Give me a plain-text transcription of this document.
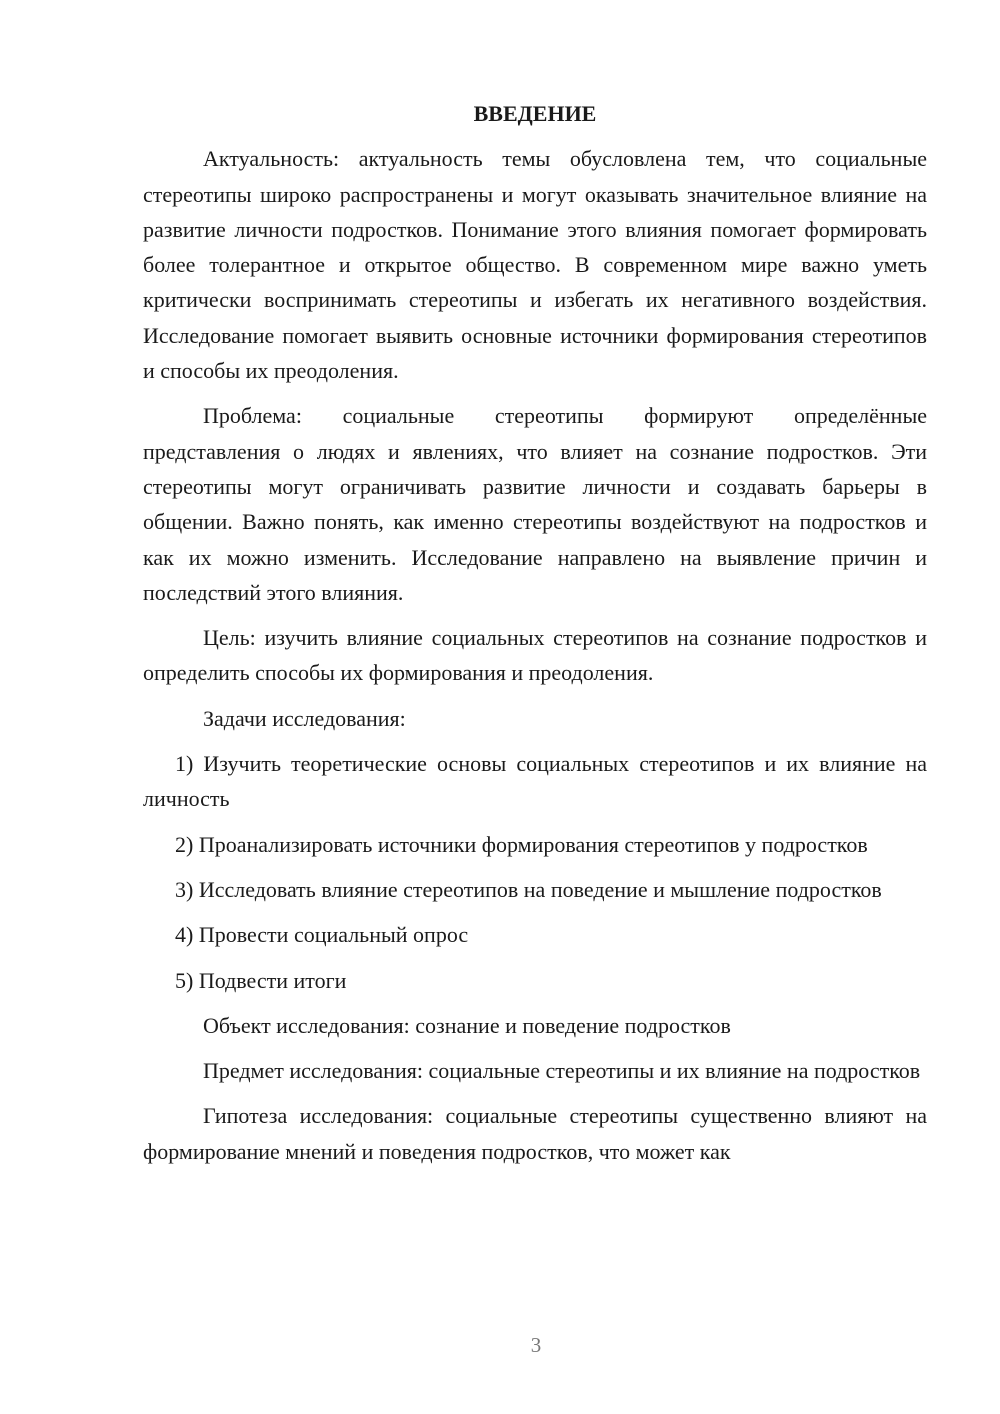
ВВЕДЕНИЕ

Актуальность: актуальность темы обусловлена тем, что социальные стереотипы широко распространены и могут оказывать значительное влияние на развитие личности подростков. Понимание этого влияния помогает формировать более толерантное и открытое общество. В современном мире важно уметь критически воспринимать стереотипы и избегать их негативного воздействия. Исследование помогает выявить основные источники формирования стереотипов и способы их преодоления.

Проблема: социальные стереотипы формируют определённые представления о людях и явлениях, что влияет на сознание подростков. Эти стереотипы могут ограничивать развитие личности и создавать барьеры в общении. Важно понять, как именно стереотипы воздействуют на подростков и как их можно изменить. Исследование направлено на выявление причин и последствий этого влияния.

Цель: изучить влияние социальных стереотипов на сознание подростков и определить способы их формирования и преодоления.

Задачи исследования:

1) Изучить теоретические основы социальных стереотипов и их влияние на личность

2) Проанализировать источники формирования стереотипов у подростков

3) Исследовать влияние стереотипов на поведение и мышление подростков

4) Провести социальный опрос

5) Подвести итоги

Объект исследования: сознание и поведение подростков

Предмет исследования: социальные стереотипы и их влияние на подростков

Гипотеза исследования: социальные стереотипы существенно влияют на формирование мнений и поведения подростков, что может как

3
